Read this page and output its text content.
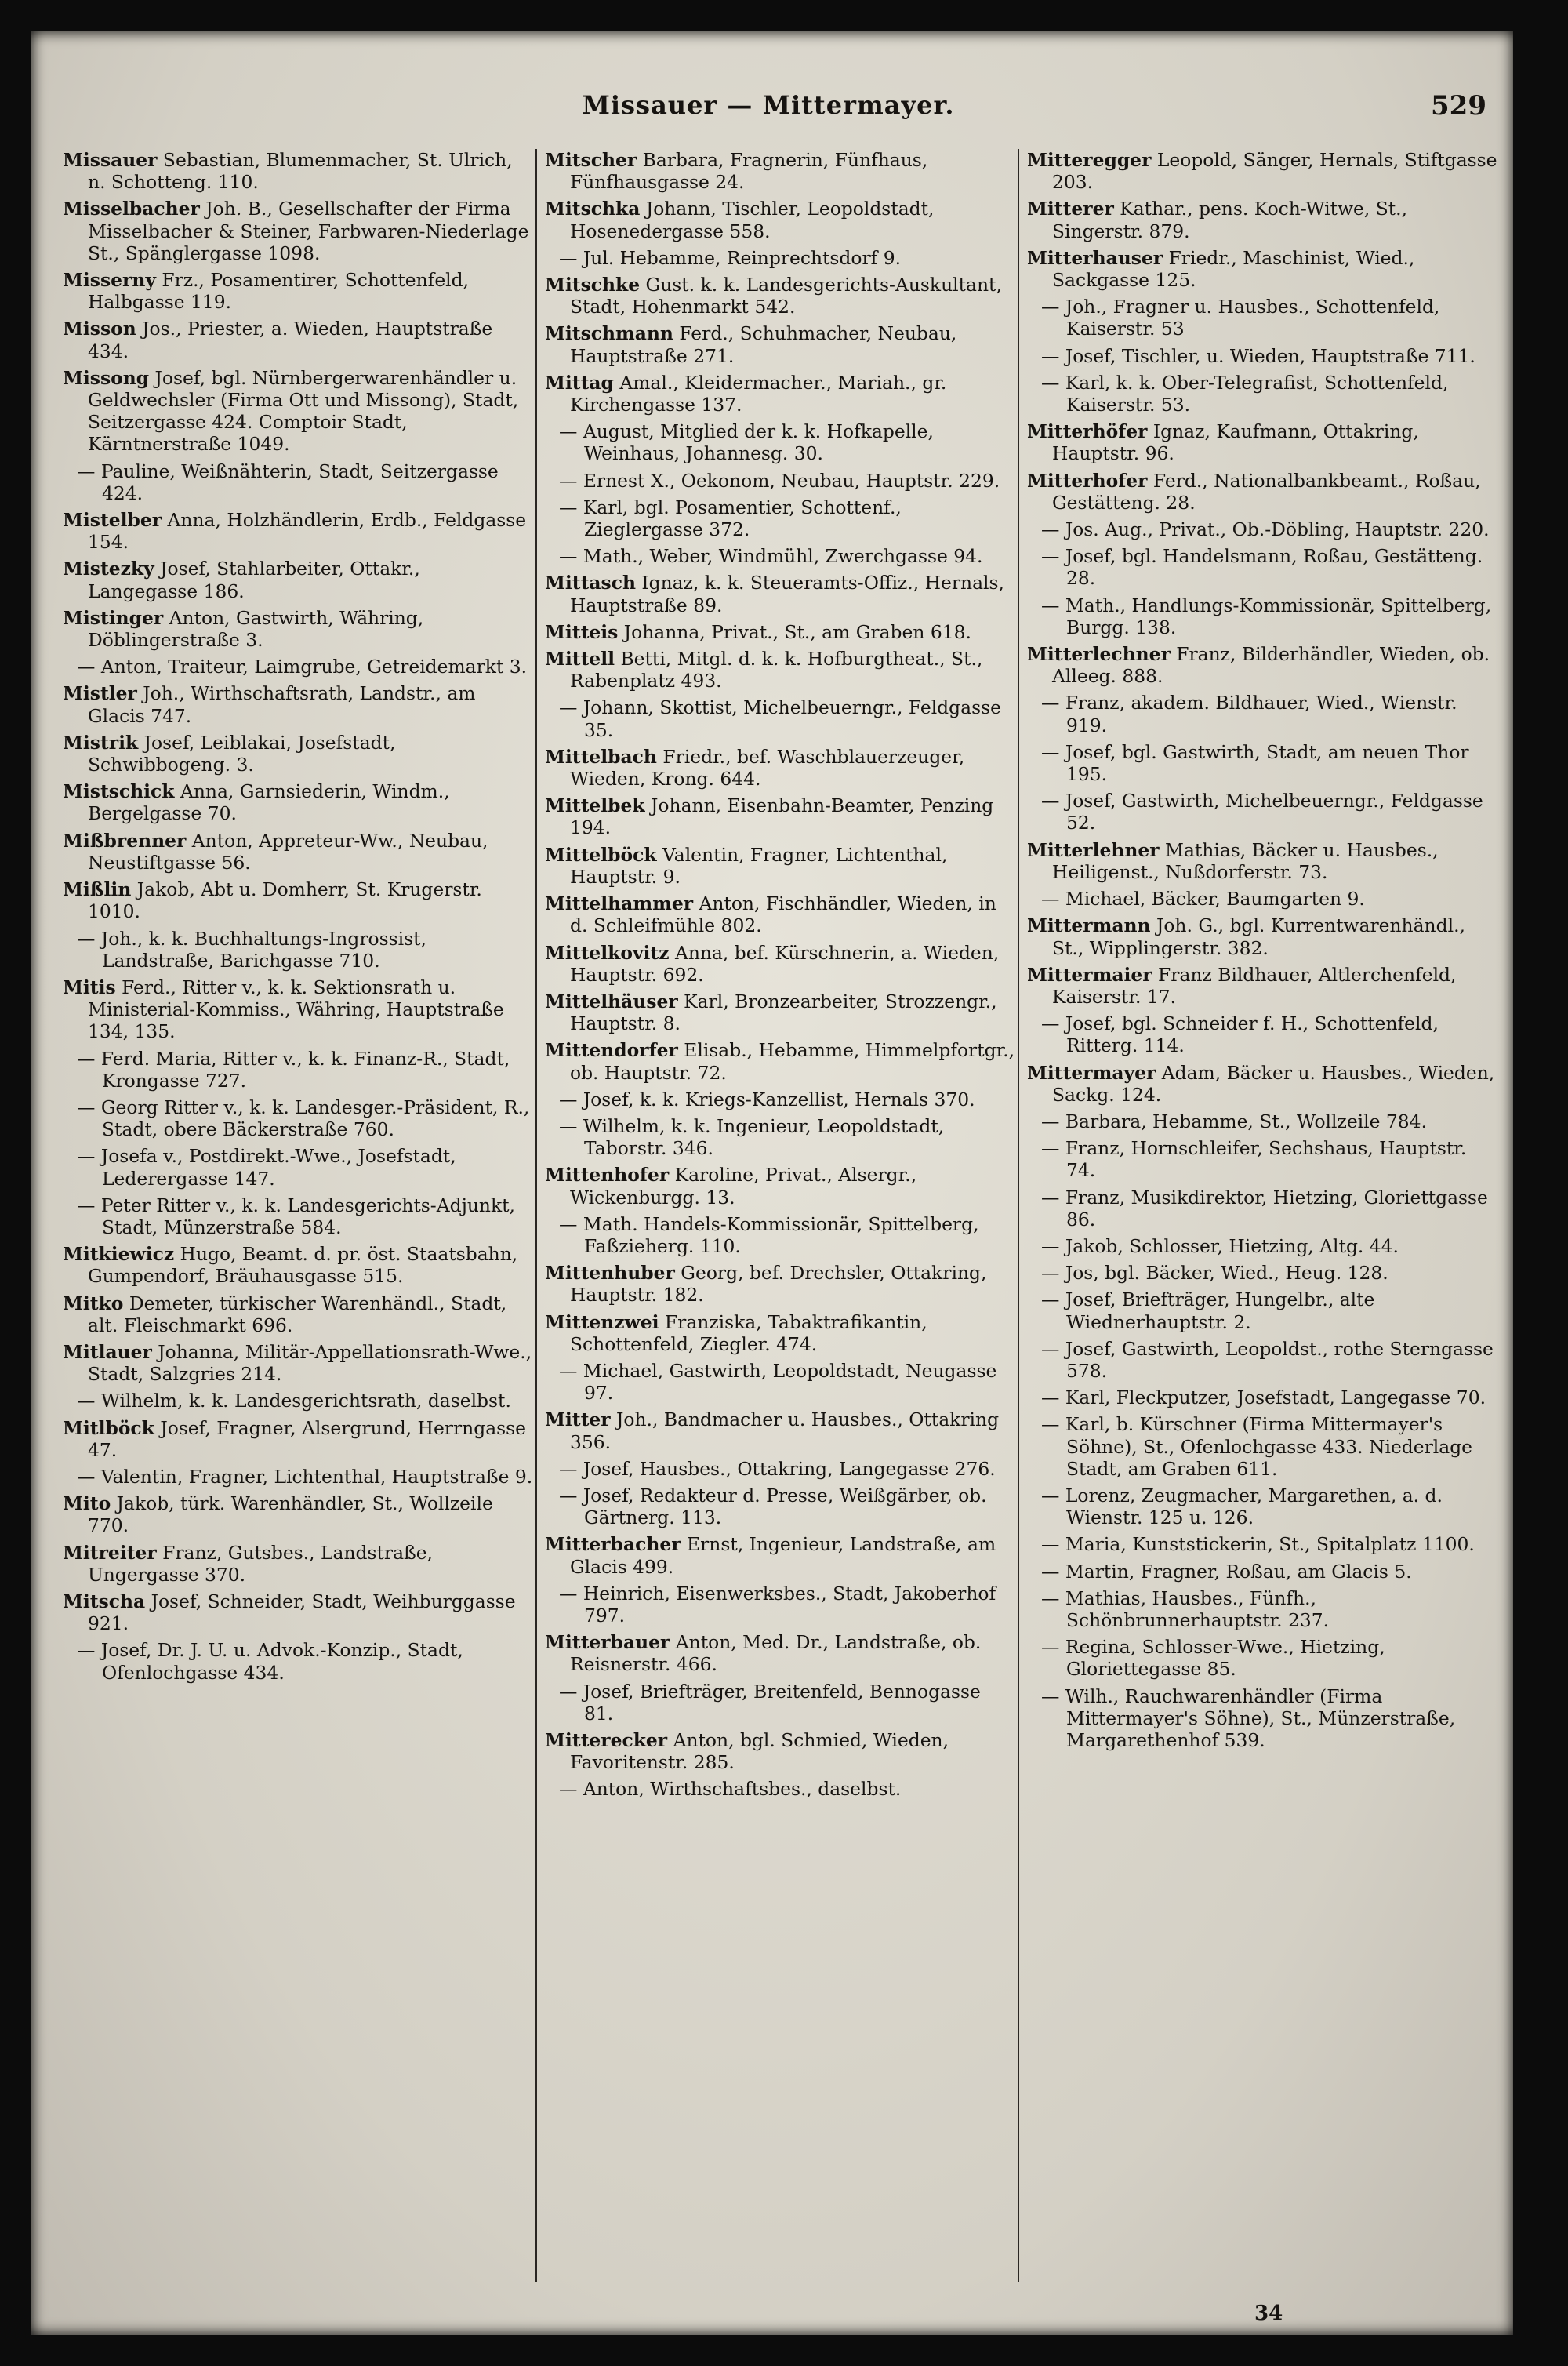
Missauer — Mittermayer.	529
Missauer Sebastian, Blumenmacher, St. Ulrich, n. Schotteng. 110.
Misselbacher Joh. B., Gesellschafter der Firma Misselbacher & Steiner, Farbwaren-Niederlage St., Spänglergasse 1098.
Misserny Frz., Posamentirer, Schottenfeld, Halbgasse 119.
Misson Jos., Priester, a. Wieden, Hauptstraße 434.
Missong Josef, bgl. Nürnbergerwarenhändler u. Geldwechsler (Firma Ott und Missong), Stadt, Seitzergasse 424. Comptoir Stadt, Kärntnerstraße 1049.
— Pauline, Weißnähterin, Stadt, Seitzergasse 424.
Mistelber Anna, Holzhändlerin, Erdb., Feldgasse 154.
Mistezky Josef, Stahlarbeiter, Ottakr., Langegasse 186.
Mistinger Anton, Gastwirth, Währing, Döblingerstraße 3.
— Anton, Traiteur, Laimgrube, Getreidemarkt 3.
Mistler Joh., Wirthschaftsrath, Landstr., am Glacis 747.
Mistrik Josef, Leiblakai, Josefstadt, Schwibbogeng. 3.
Mistschick Anna, Garnsiederin, Windm., Bergelgasse 70.
Mißbrenner Anton, Appreteur-Ww., Neubau, Neustiftgasse 56.
Mißlin Jakob, Abt u. Domherr, St. Krugerstr. 1010.
— Joh., k. k. Buchhaltungs-Ingrossist, Landstraße, Barichgasse 710.
Mitis Ferd., Ritter v., k. k. Sektionsrath u. Ministerial-Kommiss., Währing, Hauptstraße 134, 135.
— Ferd. Maria, Ritter v., k. k. Finanz-R., Stadt, Krongasse 727.
— Georg Ritter v., k. k. Landesger.-Präsident, R., Stadt, obere Bäckerstraße 760.
— Josefa v., Postdirekt.-Wwe., Josefstadt, Lederergasse 147.
— Peter Ritter v., k. k. Landesgerichts-Adjunkt, Stadt, Münzerstraße 584.
Mitkiewicz Hugo, Beamt. d. pr. öst. Staatsbahn, Gumpendorf, Bräuhausgasse 515.
Mitko Demeter, türkischer Warenhändl., Stadt, alt. Fleischmarkt 696.
Mitlauer Johanna, Militär-Appellationsrath-Wwe., Stadt, Salzgries 214.
— Wilhelm, k. k. Landesgerichtsrath, daselbst.
Mitlböck Josef, Fragner, Alsergrund, Herrngasse 47.
— Valentin, Fragner, Lichtenthal, Hauptstraße 9.
Mito Jakob, türk. Warenhändler, St., Wollzeile 770.
Mitreiter Franz, Gutsbes., Landstraße, Ungergasse 370.
Mitscha Josef, Schneider, Stadt, Weihburggasse 921.
— Josef, Dr. J. U. u. Advok.-Konzip., Stadt, Ofenlochgasse 434.
Mitscher Barbara, Fragnerin, Fünfhaus, Fünfhausgasse 24.
Mitschka Johann, Tischler, Leopoldstadt, Hosenedergasse 558.
— Jul. Hebamme, Reinprechtsdorf 9.
Mitschke Gust. k. k. Landesgerichts-Auskultant, Stadt, Hohenmarkt 542.
Mitschmann Ferd., Schuhmacher, Neubau, Hauptstraße 271.
Mittag Amal., Kleidermacher., Mariah., gr. Kirchengasse 137.
— August, Mitglied der k. k. Hofkapelle, Weinhaus, Johannesg. 30.
— Ernest X., Oekonom, Neubau, Hauptstr. 229.
— Karl, bgl. Posamentier, Schottenf., Zieglergasse 372.
— Math., Weber, Windmühl, Zwerchgasse 94.
Mittasch Ignaz, k. k. Steueramts-Offiz., Hernals, Hauptstraße 89.
Mitteis Johanna, Privat., St., am Graben 618.
Mittell Betti, Mitgl. d. k. k. Hofburgtheat., St., Rabenplatz 493.
— Johann, Skottist, Michelbeuerngr., Feldgasse 35.
Mittelbach Friedr., bef. Waschblauerzeuger, Wieden, Krong. 644.
Mittelbek Johann, Eisenbahn-Beamter, Penzing 194.
Mittelböck Valentin, Fragner, Lichtenthal, Hauptstr. 9.
Mittelhammer Anton, Fischhändler, Wieden, in d. Schleifmühle 802.
Mittelkovitz Anna, bef. Kürschnerin, a. Wieden, Hauptstr. 692.
Mittelhäuser Karl, Bronzearbeiter, Strozzengr., Hauptstr. 8.
Mittendorfer Elisab., Hebamme, Himmelpfortgr., ob. Hauptstr. 72.
— Josef, k. k. Kriegs-Kanzellist, Hernals 370.
— Wilhelm, k. k. Ingenieur, Leopoldstadt, Taborstr. 346.
Mittenhofer Karoline, Privat., Alsergr., Wickenburgg. 13.
— Math. Handels-Kommissionär, Spittelberg, Faßzieherg. 110.
Mittenhuber Georg, bef. Drechsler, Ottakring, Hauptstr. 182.
Mittenzwei Franziska, Tabaktrafikantin, Schottenfeld, Ziegler. 474.
— Michael, Gastwirth, Leopoldstadt, Neugasse 97.
Mitter Joh., Bandmacher u. Hausbes., Ottakring 356.
— Josef, Hausbes., Ottakring, Langegasse 276.
— Josef, Redakteur d. Presse, Weißgärber, ob. Gärtnerg. 113.
Mitterbacher Ernst, Ingenieur, Landstraße, am Glacis 499.
— Heinrich, Eisenwerksbes., Stadt, Jakoberhof 797.
Mitterbauer Anton, Med. Dr., Landstraße, ob. Reisnerstr. 466.
— Josef, Briefträger, Breitenfeld, Bennogasse 81.
Mitterecker Anton, bgl. Schmied, Wieden, Favoritenstr. 285.
— Anton, Wirthschaftsbes., daselbst.
Mitteregger Leopold, Sänger, Hernals, Stiftgasse 203.
Mitterer Kathar., pens. Koch-Witwe, St., Singerstr. 879.
Mitterhauser Friedr., Maschinist, Wied., Sackgasse 125.
— Joh., Fragner u. Hausbes., Schottenfeld, Kaiserstr. 53
— Josef, Tischler, u. Wieden, Hauptstraße 711.
— Karl, k. k. Ober-Telegrafist, Schottenfeld, Kaiserstr. 53.
Mitterhöfer Ignaz, Kaufmann, Ottakring, Hauptstr. 96.
Mitterhofer Ferd., Nationalbankbeamt., Roßau, Gestätteng. 28.
— Jos. Aug., Privat., Ob.-Döbling, Hauptstr. 220.
— Josef, bgl. Handelsmann, Roßau, Gestätteng. 28.
— Math., Handlungs-Kommissionär, Spittelberg, Burgg. 138.
Mitterlechner Franz, Bilderhändler, Wieden, ob. Alleeg. 888.
— Franz, akadem. Bildhauer, Wied., Wienstr. 919.
— Josef, bgl. Gastwirth, Stadt, am neuen Thor 195.
— Josef, Gastwirth, Michelbeuerngr., Feldgasse 52.
Mitterlehner Mathias, Bäcker u. Hausbes., Heiligenst., Nußdorferstr. 73.
— Michael, Bäcker, Baumgarten 9.
Mittermann Joh. G., bgl. Kurrentwarenhändl., St., Wipplingerstr. 382.
Mittermaier Franz Bildhauer, Altlerchenfeld, Kaiserstr. 17.
— Josef, bgl. Schneider f. H., Schottenfeld, Ritterg. 114.
Mittermayer Adam, Bäcker u. Hausbes., Wieden, Sackg. 124.
— Barbara, Hebamme, St., Wollzeile 784.
— Franz, Hornschleifer, Sechshaus, Hauptstr. 74.
— Franz, Musikdirektor, Hietzing, Gloriettgasse 86.
— Jakob, Schlosser, Hietzing, Altg. 44.
— Jos, bgl. Bäcker, Wied., Heug. 128.
— Josef, Briefträger, Hungelbr., alte Wiednerhauptstr. 2.
— Josef, Gastwirth, Leopoldst., rothe Sterngasse 578.
— Karl, Fleckputzer, Josefstadt, Langegasse 70.
— Karl, b. Kürschner (Firma Mittermayer's Söhne), St., Ofenlochgasse 433. Niederlage Stadt, am Graben 611.
— Lorenz, Zeugmacher, Margarethen, a. d. Wienstr. 125 u. 126.
— Maria, Kunststickerin, St., Spitalplatz 1100.
— Martin, Fragner, Roßau, am Glacis 5.
— Mathias, Hausbes., Fünfh., Schönbrunnerhauptstr. 237.
— Regina, Schlosser-Wwe., Hietzing, Gloriettegasse 85.
— Wilh., Rauchwarenhändler (Firma Mittermayer's Söhne), St., Münzerstraße, Margarethenhof 539.
34
